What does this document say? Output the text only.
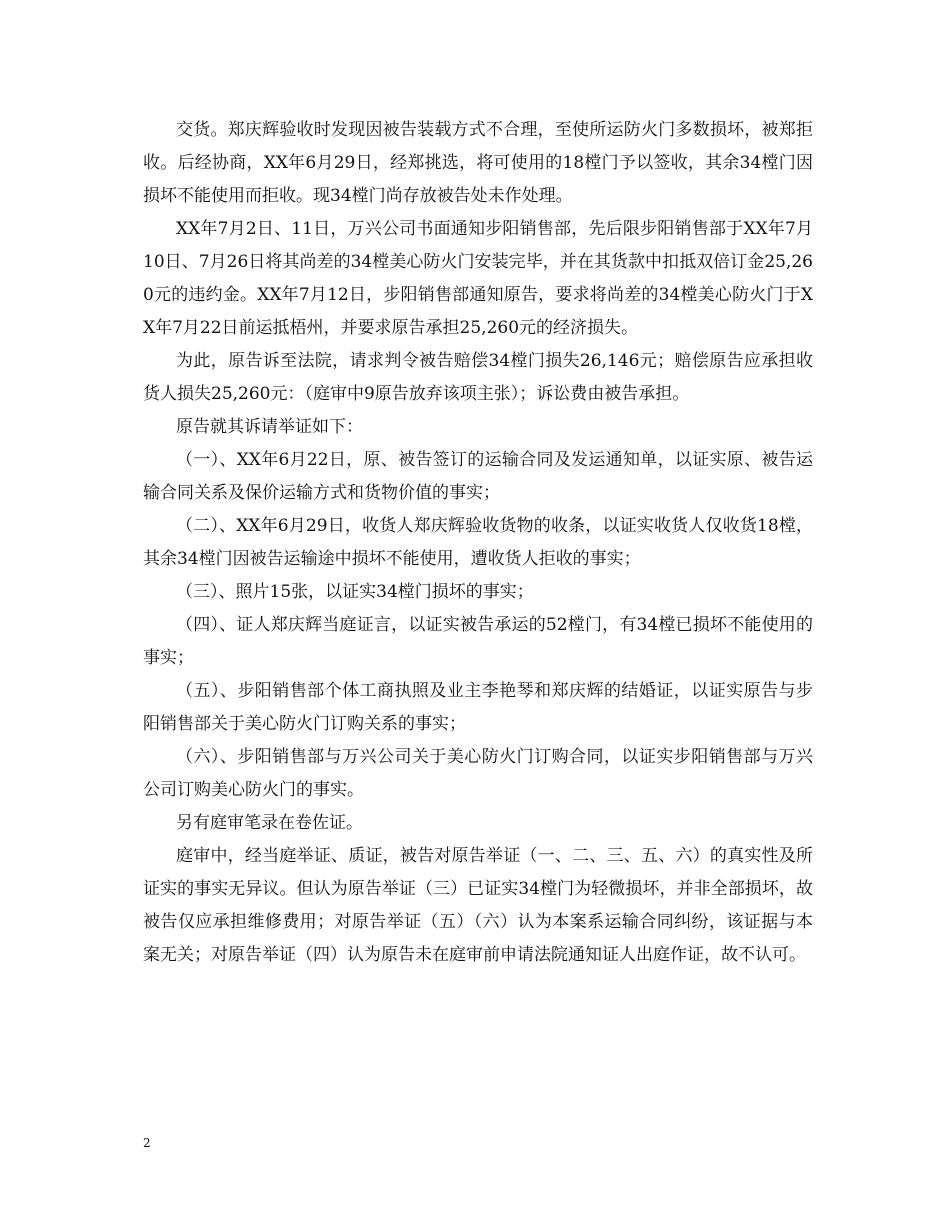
交货。郑庆辉验收时发现因被告装载方式不合理，至使所运防火门多数损坏，被郑拒收。后经协商，XX年6月29日，经郑挑选，将可使用的18樘门予以签收，其余34樘门因损坏不能使用而拒收。现34樘门尚存放被告处未作处理。

XX年7月2日、11日，万兴公司书面通知步阳销售部，先后限步阳销售部于XX年7月10日、7月26日将其尚差的34樘美心防火门安装完毕，并在其货款中扣抵双倍订金25,260元的违约金。XX年7月12日，步阳销售部通知原告，要求将尚差的34樘美心防火门于XX年7月22日前运抵梧州，并要求原告承担25,260元的经济损失。

为此，原告诉至法院，请求判令被告赔偿34樘门损失26,146元；赔偿原告应承担收货人损失25,260元：（庭审中9原告放弃该项主张）；诉讼费由被告承担。

原告就其诉请举证如下：

（一）、XX年6月22日，原、被告签订的运输合同及发运通知单，以证实原、被告运输合同关系及保价运输方式和货物价值的事实；

（二）、XX年6月29日，收货人郑庆辉验收货物的收条，以证实收货人仅收货18樘，其余34樘门因被告运输途中损坏不能使用，遭收货人拒收的事实；

（三）、照片15张，以证实34樘门损坏的事实；

（四）、证人郑庆辉当庭证言，以证实被告承运的52樘门，有34樘已损坏不能使用的事实；

（五）、步阳销售部个体工商执照及业主李艳琴和郑庆辉的结婚证，以证实原告与步阳销售部关于美心防火门订购关系的事实；

（六）、步阳销售部与万兴公司关于美心防火门订购合同，以证实步阳销售部与万兴公司订购美心防火门的事实。

另有庭审笔录在卷佐证。

庭审中，经当庭举证、质证，被告对原告举证（一、二、三、五、六）的真实性及所证实的事实无异议。但认为原告举证（三）已证实34樘门为轻微损坏，并非全部损坏，故被告仅应承担维修费用；对原告举证（五）（六）认为本案系运输合同纠纷，该证据与本案无关；对原告举证（四）认为原告未在庭审前申请法院通知证人出庭作证，故不认可。

2
